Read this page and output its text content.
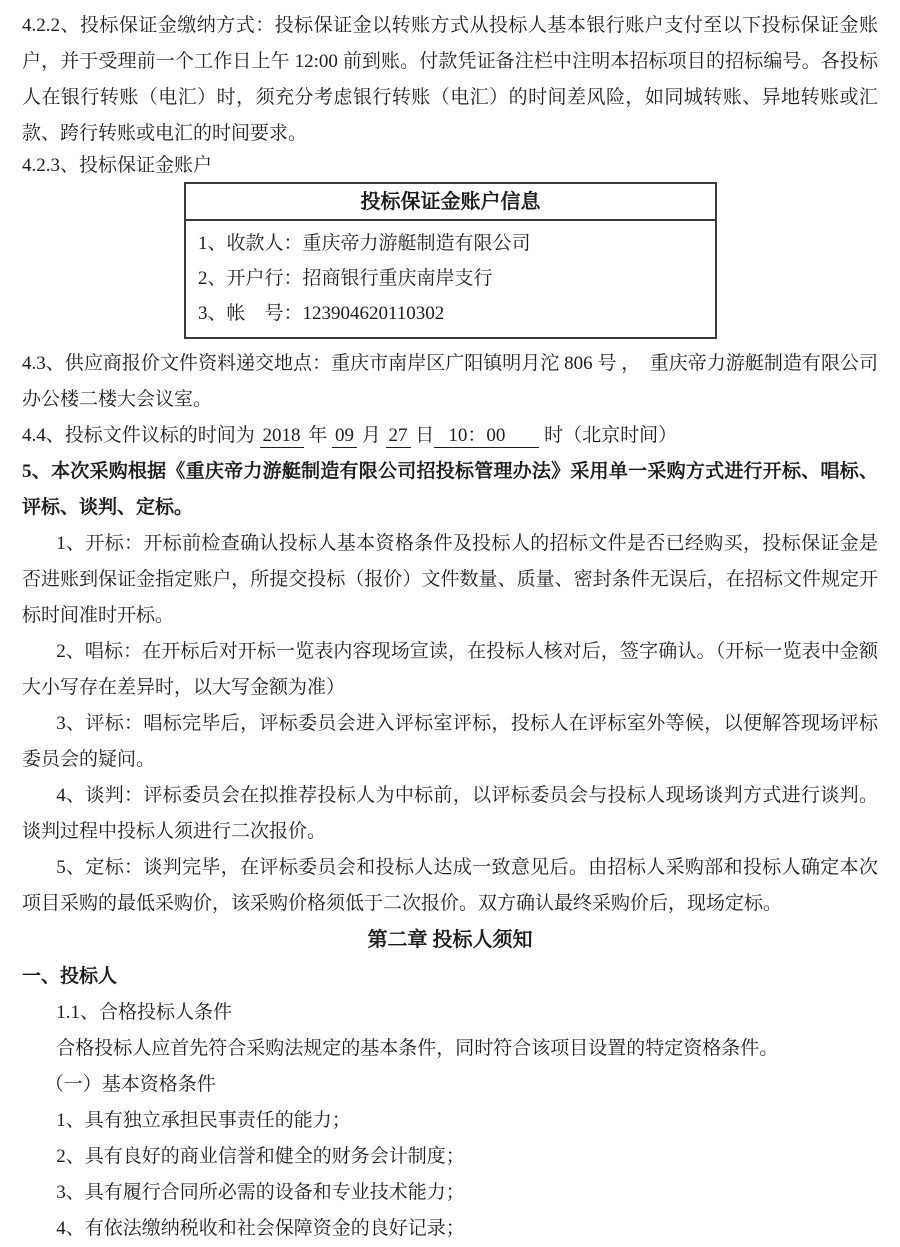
4.2.2、投标保证金缴纳方式：投标保证金以转账方式从投标人基本银行账户支付至以下投标保证金账户，并于受理前一个工作日上午 12:00 前到账。付款凭证备注栏中注明本招标项目的招标编号。各投标人在银行转账（电汇）时，须充分考虑银行转账（电汇）的时间差风险，如同城转账、异地转账或汇款、跨行转账或电汇的时间要求。

4.2.3、投标保证金账户

投标保证金账户信息
1、收款人：重庆帝力游艇制造有限公司
2、开户行：招商银行重庆南岸支行
3、帐　号：123904620110302

4.3、供应商报价文件资料递交地点：重庆市南岸区广阳镇明月沱 806 号 ，　重庆帝力游艇制造有限公司办公楼二楼大会议室。

4.4、投标文件议标的时间为 2018 年 09 月 27 日 10：00 时（北京时间）

5、本次采购根据《重庆帝力游艇制造有限公司招投标管理办法》采用单一采购方式进行开标、唱标、评标、谈判、定标。

1、开标：开标前检查确认投标人基本资格条件及投标人的招标文件是否已经购买，投标保证金是否进账到保证金指定账户，所提交投标（报价）文件数量、质量、密封条件无误后，在招标文件规定开标时间准时开标。

2、唱标：在开标后对开标一览表内容现场宣读，在投标人核对后，签字确认。（开标一览表中金额大小写存在差异时，以大写金额为准）

3、评标：唱标完毕后，评标委员会进入评标室评标，投标人在评标室外等候，以便解答现场评标委员会的疑问。

4、谈判：评标委员会在拟推荐投标人为中标前，以评标委员会与投标人现场谈判方式进行谈判。谈判过程中投标人须进行二次报价。

5、定标：谈判完毕，在评标委员会和投标人达成一致意见后。由招标人采购部和投标人确定本次项目采购的最低采购价，该采购价格须低于二次报价。双方确认最终采购价后，现场定标。

第二章 投标人须知

一、投标人

1.1、合格投标人条件

合格投标人应首先符合采购法规定的基本条件，同时符合该项目设置的特定资格条件。

（一）基本资格条件

1、具有独立承担民事责任的能力；

2、具有良好的商业信誉和健全的财务会计制度；

3、具有履行合同所必需的设备和专业技术能力；

4、有依法缴纳税收和社会保障资金的良好记录；
